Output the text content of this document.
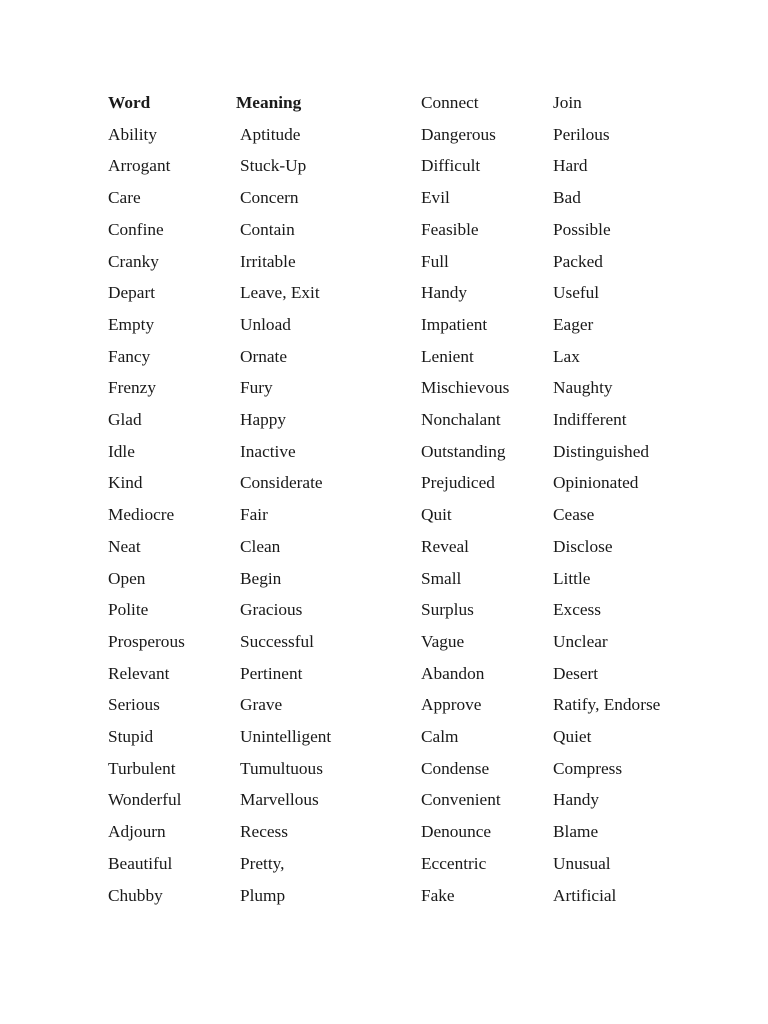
Word	Meaning	Connect	Join
Ability	Aptitude	Dangerous	Perilous
Arrogant	Stuck-Up	Difficult	Hard
Care	Concern	Evil	Bad
Confine	Contain	Feasible	Possible
Cranky	Irritable	Full	Packed
Depart	Leave, Exit	Handy	Useful
Empty	Unload	Impatient	Eager
Fancy	Ornate	Lenient	Lax
Frenzy	Fury	Mischievous	Naughty
Glad	Happy	Nonchalant	Indifferent
Idle	Inactive	Outstanding	Distinguished
Kind	Considerate	Prejudiced	Opinionated
Mediocre	Fair	Quit	Cease
Neat	Clean	Reveal	Disclose
Open	Begin	Small	Little
Polite	Gracious	Surplus	Excess
Prosperous	Successful	Vague	Unclear
Relevant	Pertinent	Abandon	Desert
Serious	Grave	Approve	Ratify, Endorse
Stupid	Unintelligent	Calm	Quiet
Turbulent	Tumultuous	Condense	Compress
Wonderful	Marvellous	Convenient	Handy
Adjourn	Recess	Denounce	Blame
Beautiful	Pretty,	Eccentric	Unusual
Chubby	Plump	Fake	Artificial
